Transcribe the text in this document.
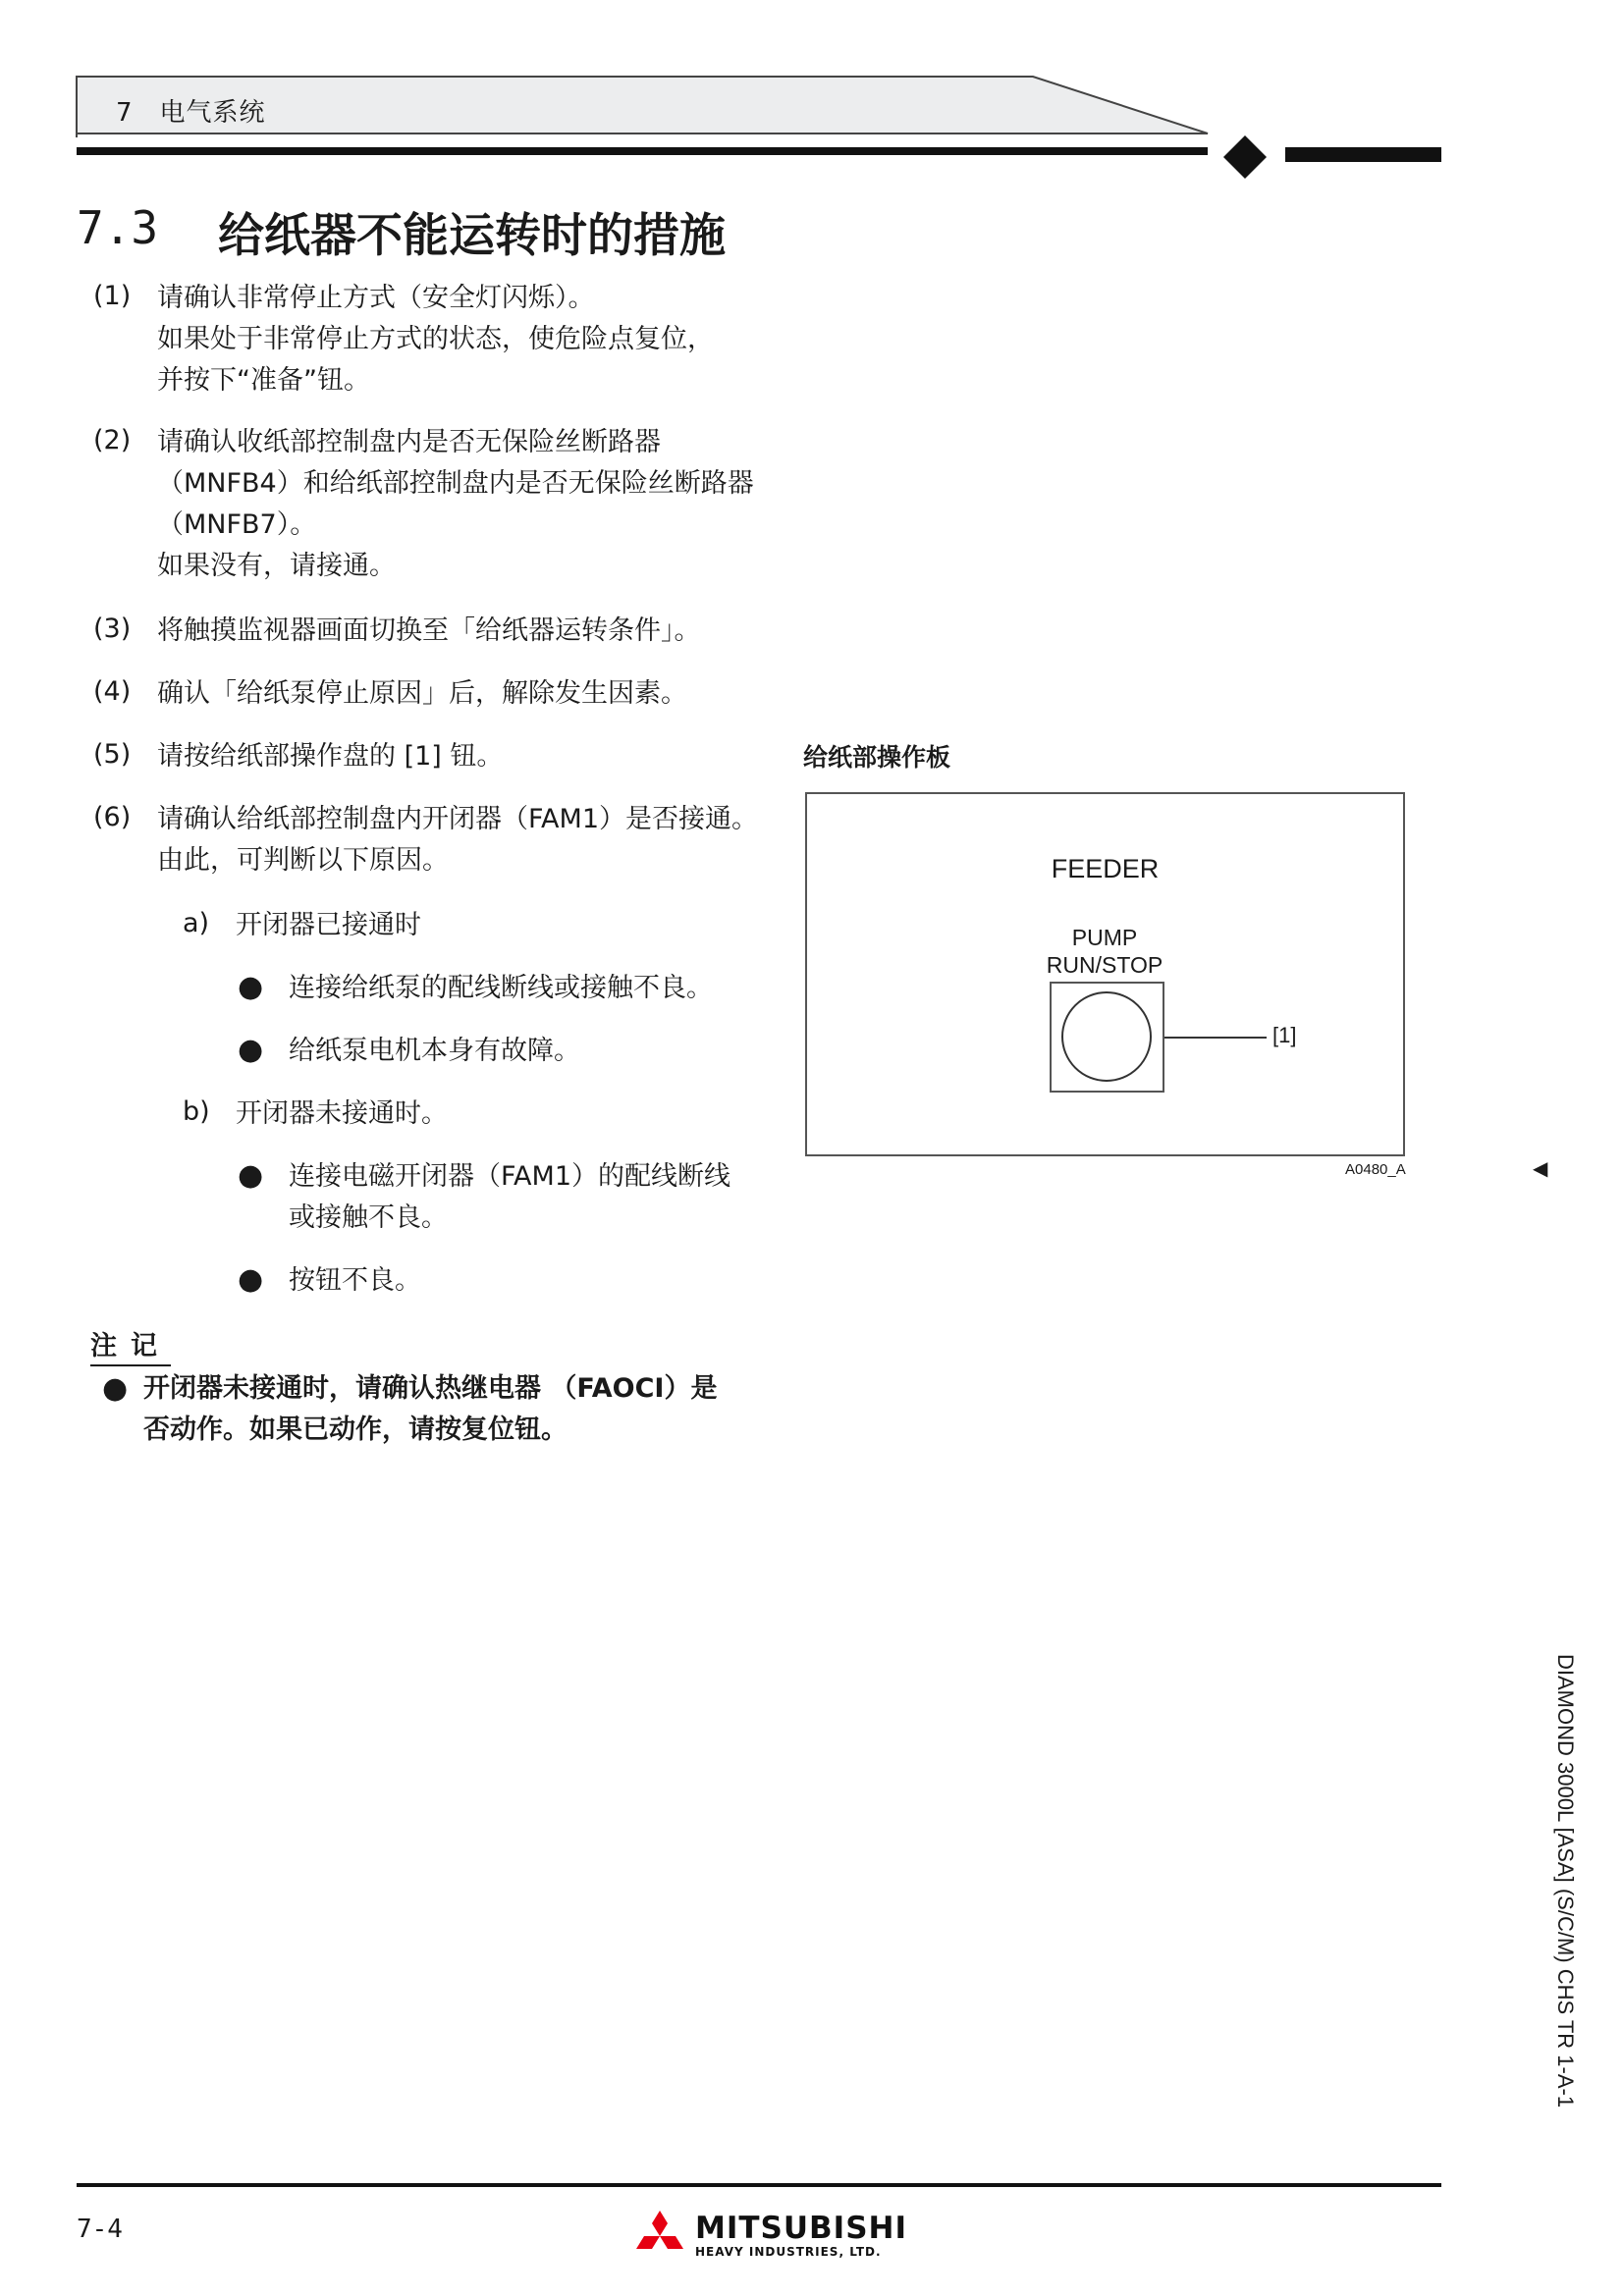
7　电气系统
7.3 给纸器不能运转时的措施
(1) 请确认非常停止方式（安全灯闪烁）。
如果处于非常停止方式的状态，使危险点复位，
并按下“准备”钮。
(2) 请确认收纸部控制盘内是否无保险丝断路器
（MNFB4）和给纸部控制盘内是否无保险丝断路器
（MNFB7）。
如果没有，请接通。
(3) 将触摸监视器画面切换至「给纸器运转条件」。
(4) 确认「给纸泵停止原因」后，解除发生因素。
(5) 请按给纸部操作盘的 [1] 钮。
(6) 请确认给纸部控制盘内开闭器（FAM1）是否接通。
由此，可判断以下原因。
a) 开闭器已接通时
● 连接给纸泵的配线断线或接触不良。
● 给纸泵电机本身有故障。
b) 开闭器未接通时。
● 连接电磁开闭器（FAM1）的配线断线
或接触不良。
● 按钮不良。
注记
● 开闭器未接通时，请确认热继电器 （FAOCI）是
否动作。如果已动作，请按复位钮。
给纸部操作板
FEEDER
PUMP
RUN/STOP
[1]
A0480_A	◀
DIAMOND 3000L [ASA] (S/C/M) CHS TR 1-A-1
7-4	MITSUBISHI
HEAVY INDUSTRIES, LTD.
